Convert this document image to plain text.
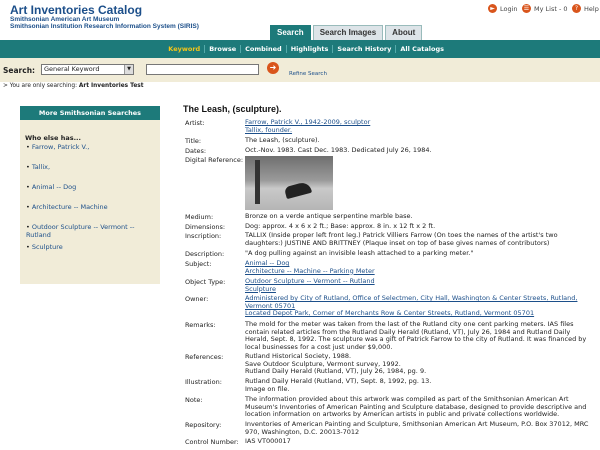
Art Inventories Catalog
Smithsonian American Art Museum
Smithsonian Institution Research Information System (SIRIS)
► Login ☰ My List - 0	? Help
Search	Search Images	About
Keyword	Browse	Combined	Highlights	Search History	All Catalogs
Search:	General Keyword	▼	➜
Refine Search
> You are only searching: Art Inventories Test
More Smithsonian Searches
Who else has...
• Farrow, Patrick V.,
• Tallix,
• Animal -- Dog
• Architecture -- Machine
• Outdoor Sculpture -- Vermont -- Rutland
• Sculpture
The Leash, (sculpture).
Artist:	Farrow, Patrick V., 1942-2009, sculptor
Tallix, founder.
Title:	The Leash, (sculpture).
Dates:	Oct.-Nov. 1983. Cast Dec. 1983. Dedicated July 26, 1984.
Digital Reference:
Medium:	Bronze on a verde antique serpentine marble base.
Dimensions:	Dog: approx. 4 x 6 x 2 ft.; Base: approx. 8 in. x 12 ft x 2 ft.
Inscription:	TALLIX (Inside proper left front leg.) Patrick Villiers Farrow (On toes the names of the artist's two daughters:) JUSTINE AND BRITTNEY (Plaque inset on top of base gives names of contributors)
Description:	"A dog pulling against an invisible leash attached to a parking meter."
Subject:	Animal -- Dog
Architecture -- Machine -- Parking Meter
Object Type:	Outdoor Sculpture -- Vermont -- Rutland
Sculpture
Owner:	Administered by City of Rutland, Office of Selectmen, City Hall, Washington & Center Streets, Rutland, Vermont 05701
Located Depot Park, Corner of Merchants Row & Center Streets, Rutland, Vermont 05701
Remarks:	The mold for the meter was taken from the last of the Rutland city one cent parking meters. IAS files contain related articles from the Rutland Daily Herald (Rutland, VT), July 26, 1984 and Rutland Daily Herald, Sept. 8, 1992. The sculpture was a gift of Patrick Farrow to the city of Rutland. It was financed by local businesses for a cost just under $9,000.
References:	Rutland Historical Society, 1988.
Save Outdoor Sculpture, Vermont survey, 1992.
Rutland Daily Herald (Rutland, VT), July 26, 1984, pg. 9.
Illustration:	Rutland Daily Herald (Rutland, VT), Sept. 8, 1992, pg. 13.
Image on file.
Note:	The information provided about this artwork was compiled as part of the Smithsonian American Art Museum's Inventories of American Painting and Sculpture database, designed to provide descriptive and location information on artworks by American artists in public and private collections worldwide.
Repository:	Inventories of American Painting and Sculpture, Smithsonian American Art Museum, P.O. Box 37012, MRC 970, Washington, D.C. 20013-7012
Control Number: IAS VT000017
